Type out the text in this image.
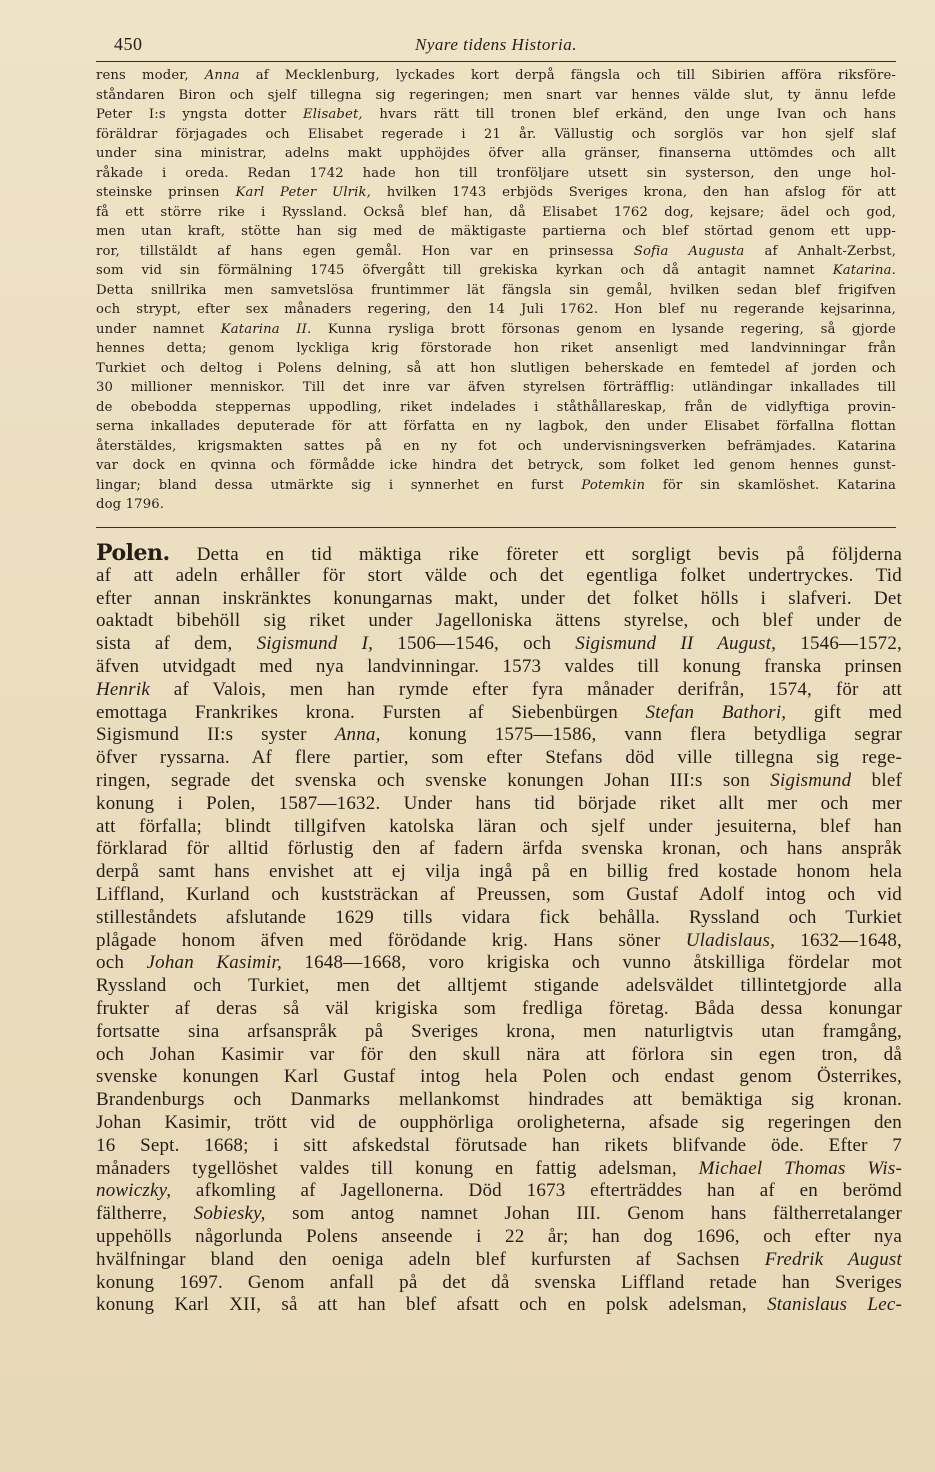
450	Nyare tidens Historia.
rens moder, Anna af Mecklenburg, lyckades kort derpå fängsla och till Sibirien afföra riksföre-
ståndaren Biron och sjelf tillegna sig regeringen; men snart var hennes välde slut, ty ännu lefde
Peter I:s yngsta dotter Elisabet, hvars rätt till tronen blef erkänd, den unge Ivan och hans
föräldrar förjagades och Elisabet regerade i 21 år. Vällustig och sorglös var hon sjelf slaf
under sina ministrar, adelns makt upphöjdes öfver alla gränser, finanserna uttömdes och allt
råkade i oreda. Redan 1742 hade hon till tronföljare utsett sin systerson, den unge hol-
steinske prinsen Karl Peter Ulrik, hvilken 1743 erbjöds Sveriges krona, den han afslog för att
få ett större rike i Ryssland. Också blef han, då Elisabet 1762 dog, kejsare; ädel och god,
men utan kraft, stötte han sig med de mäktigaste partierna och blef störtad genom ett upp-
ror, tillstäldt af hans egen gemål. Hon var en prinsessa Sofia Augusta af Anhalt-Zerbst,
som vid sin förmälning 1745 öfvergått till grekiska kyrkan och då antagit namnet Katarina.
Detta snillrika men samvetslösa fruntimmer lät fängsla sin gemål, hvilken sedan blef frigifven
och strypt, efter sex månaders regering, den 14 Juli 1762. Hon blef nu regerande kejsarinna,
under namnet Katarina II. Kunna rysliga brott försonas genom en lysande regering, så gjorde
hennes detta; genom lyckliga krig förstorade hon riket ansenligt med landvinningar från
Turkiet och deltog i Polens delning, så att hon slutligen beherskade en femtedel af jorden och
30 millioner menniskor. Till det inre var äfven styrelsen förträfflig: utländingar inkallades till
de obebodda steppernas uppodling, riket indelades i ståthållareskap, från de vidlyftiga provin-
serna inkallades deputerade för att författa en ny lagbok, den under Elisabet förfallna flottan
återstäldes, krigsmakten sattes på en ny fot och undervisningsverken befrämjades. Katarina
var dock en qvinna och förmådde icke hindra det betryck, som folket led genom hennes gunst-
lingar; bland dessa utmärkte sig i synnerhet en furst Potemkin för sin skamlöshet. Katarina
dog 1796.
Polen. Detta en tid mäktiga rike företer ett sorgligt bevis på följderna
af att adeln erhåller för stort välde och det egentliga folket undertryckes. Tid
efter annan inskränktes konungarnas makt, under det folket hölls i slafveri. Det
oaktadt bibehöll sig riket under Jagelloniska ättens styrelse, och blef under de
sista af dem, Sigismund I, 1506—1546, och Sigismund II August, 1546—1572,
äfven utvidgadt med nya landvinningar. 1573 valdes till konung franska prinsen
Henrik af Valois, men han rymde efter fyra månader derifrån, 1574, för att
emottaga Frankrikes krona. Fursten af Siebenbürgen Stefan Bathori, gift med
Sigismund II:s syster Anna, konung 1575—1586, vann flera betydliga segrar
öfver ryssarna. Af flere partier, som efter Stefans död ville tillegna sig rege-
ringen, segrade det svenska och svenske konungen Johan III:s son Sigismund blef
konung i Polen, 1587—1632. Under hans tid började riket allt mer och mer
att förfalla; blindt tillgifven katolska läran och sjelf under jesuiterna, blef han
förklarad för alltid förlustig den af fadern ärfda svenska kronan, och hans anspråk
derpå samt hans envishet att ej vilja ingå på en billig fred kostade honom hela
Liffland, Kurland och kuststräckan af Preussen, som Gustaf Adolf intog och vid
stilleståndets afslutande 1629 tills vidara fick behålla. Ryssland och Turkiet
plågade honom äfven med förödande krig. Hans söner Uladislaus, 1632—1648,
och Johan Kasimir, 1648—1668, voro krigiska och vunno åtskilliga fördelar mot
Ryssland och Turkiet, men det alltjemt stigande adelsväldet tillintetgjorde alla
frukter af deras så väl krigiska som fredliga företag. Båda dessa konungar
fortsatte sina arfsanspråk på Sveriges krona, men naturligtvis utan framgång,
och Johan Kasimir var för den skull nära att förlora sin egen tron, då
svenske konungen Karl Gustaf intog hela Polen och endast genom Österrikes,
Brandenburgs och Danmarks mellankomst hindrades att bemäktiga sig kronan.
Johan Kasimir, trött vid de oupphörliga oroligheterna, afsade sig regeringen den
16 Sept. 1668; i sitt afskedstal förutsade han rikets blifvande öde. Efter 7
månaders tygellöshet valdes till konung en fattig adelsman, Michael Thomas Wis-
nowiczky, afkomling af Jagellonerna. Död 1673 efterträddes han af en berömd
fältherre, Sobiesky, som antog namnet Johan III. Genom hans fältherretalanger
uppehölls någorlunda Polens anseende i 22 år; han dog 1696, och efter nya
hvälfningar bland den oeniga adeln blef kurfursten af Sachsen Fredrik August
konung 1697. Genom anfall på det då svenska Liffland retade han Sveriges
konung Karl XII, så att han blef afsatt och en polsk adelsman, Stanislaus Lec-
